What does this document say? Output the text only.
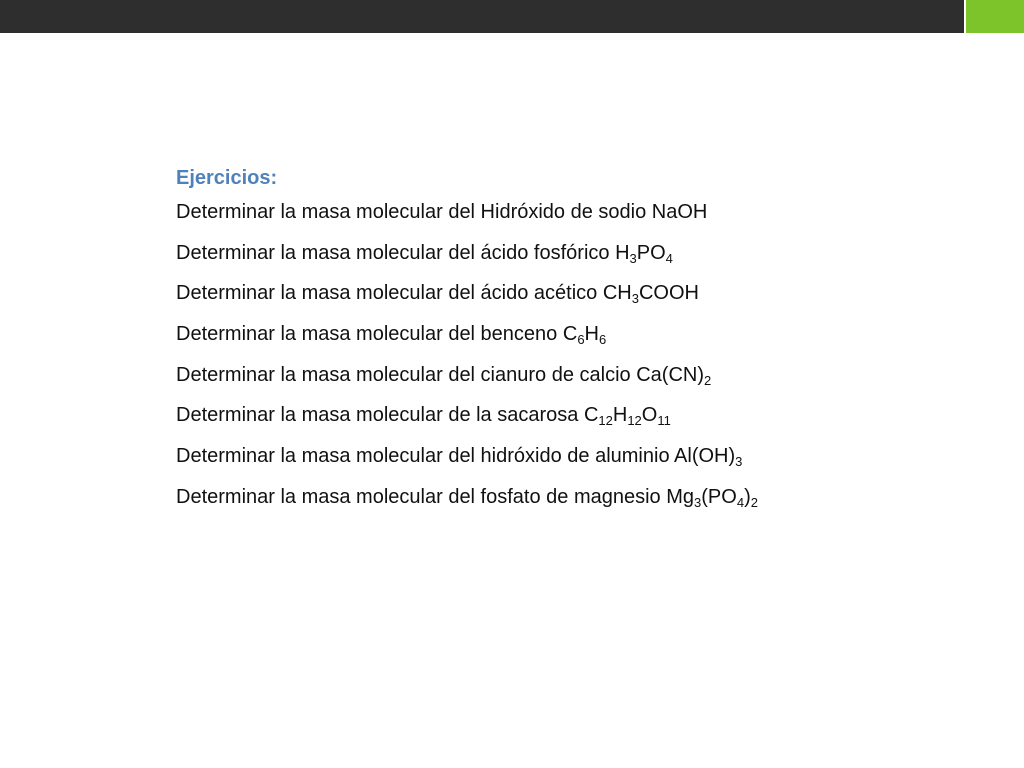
Ejercicios:
Determinar la masa molecular del Hidróxido de sodio NaOH
Determinar la masa molecular del ácido fosfórico $H_3PO_4$
Determinar la masa molecular del ácido acético $CH_3COOH$
Determinar la masa molecular del benceno $C_6H_6$
Determinar la masa molecular del cianuro de calcio $Ca(CN)_2$
Determinar la masa molecular de la sacarosa $C_{12}H_{12}O_{11}$
Determinar la masa molecular del hidróxido de aluminio $Al(OH)_3$
Determinar la masa molecular del fosfato de magnesio $Mg_3(PO_4)_2$
